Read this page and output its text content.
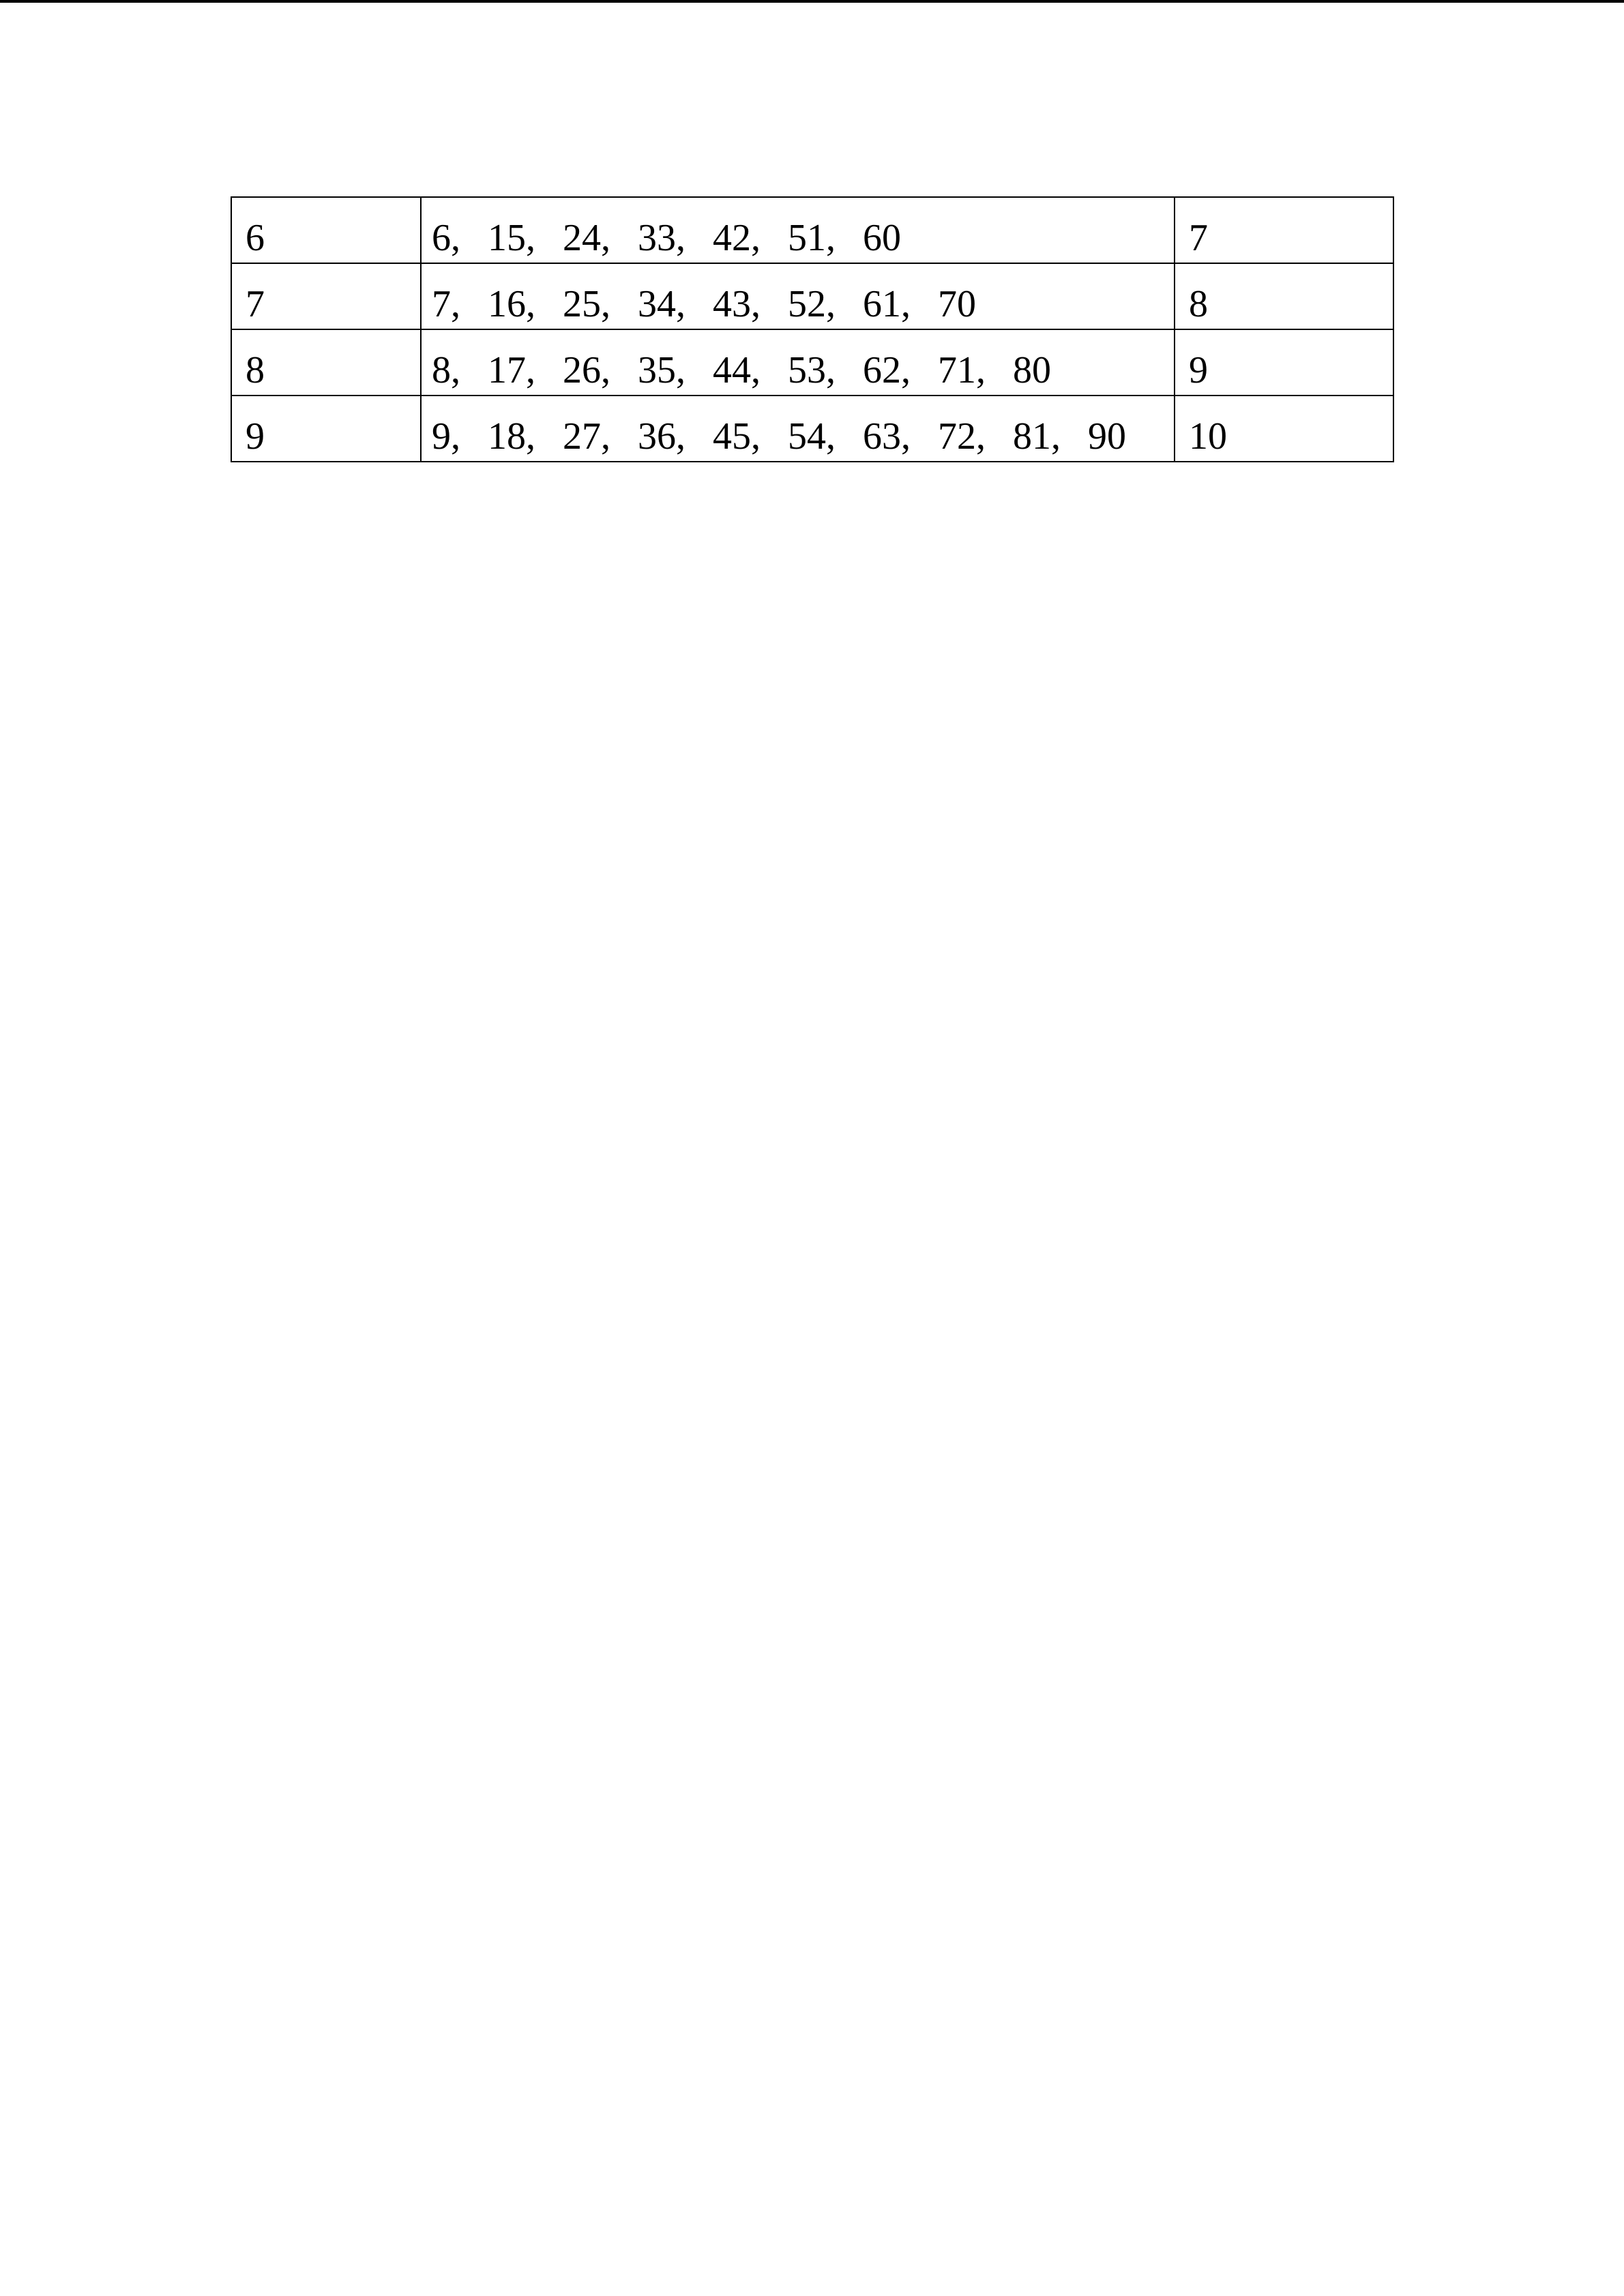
6	6, 15, 24, 33, 42, 51, 60	7
7	7, 16, 25, 34, 43, 52, 61, 70	8
8	8, 17, 26, 35, 44, 53, 62, 71, 80	9
9	9, 18, 27, 36, 45, 54, 63, 72, 81, 90	10
